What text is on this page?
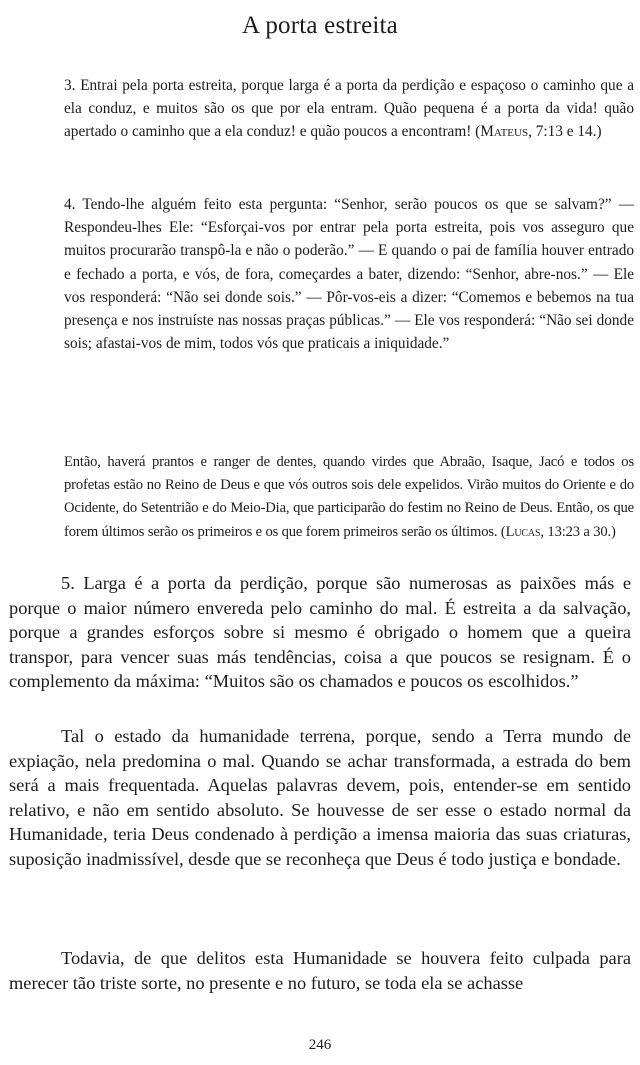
A porta estreita

3. Entrai pela porta estreita, porque larga é a porta da perdição e espaçoso o caminho que a ela conduz, e muitos são os que por ela entram. Quão pequena é a porta da vida! quão apertado o caminho que a ela conduz! e quão poucos a encontram! (Mateus, 7:13 e 14.)

4. Tendo-lhe alguém feito esta pergunta: “Senhor, serão poucos os que se salvam?” — Respondeu-lhes Ele: “Esforçai-vos por entrar pela porta estreita, pois vos asseguro que muitos procurarão transpô-la e não o poderão.” — E quando o pai de família houver entrado e fechado a porta, e vós, de fora, começardes a bater, dizendo: “Senhor, abre-nos.” — Ele vos responderá: “Não sei donde sois.” — Pôr-vos-eis a dizer: “Comemos e bebemos na tua presença e nos instruíste nas nossas praças públicas.” — Ele vos responderá: “Não sei donde sois; afastai-vos de mim, todos vós que praticais a iniquidade.”

Então, haverá prantos e ranger de dentes, quando virdes que Abraão, Isaque, Jacó e todos os profetas estão no Reino de Deus e que vós outros sois dele expelidos. Virão muitos do Oriente e do Ocidente, do Setentrião e do Meio-Dia, que participarão do festim no Reino de Deus. Então, os que forem últimos serão os primeiros e os que forem primeiros serão os últimos. (Lucas, 13:23 a 30.)

5. Larga é a porta da perdição, porque são numerosas as paixões más e porque o maior número envereda pelo caminho do mal. É estreita a da salvação, porque a grandes esforços sobre si mesmo é obrigado o homem que a queira transpor, para vencer suas más tendências, coisa a que poucos se resignam. É o complemento da máxima: “Muitos são os chamados e poucos os escolhidos.”

Tal o estado da humanidade terrena, porque, sendo a Terra mundo de expiação, nela predomina o mal. Quando se achar transformada, a estrada do bem será a mais frequentada. Aquelas palavras devem, pois, entender-se em sentido relativo, e não em sentido absoluto. Se houvesse de ser esse o estado normal da Humanidade, teria Deus condenado à perdição a imensa maioria das suas criaturas, suposição inadmissível, desde que se reconheça que Deus é todo justiça e bondade.

Todavia, de que delitos esta Humanidade se houvera feito culpada para merecer tão triste sorte, no presente e no futuro, se toda ela se achasse

246
